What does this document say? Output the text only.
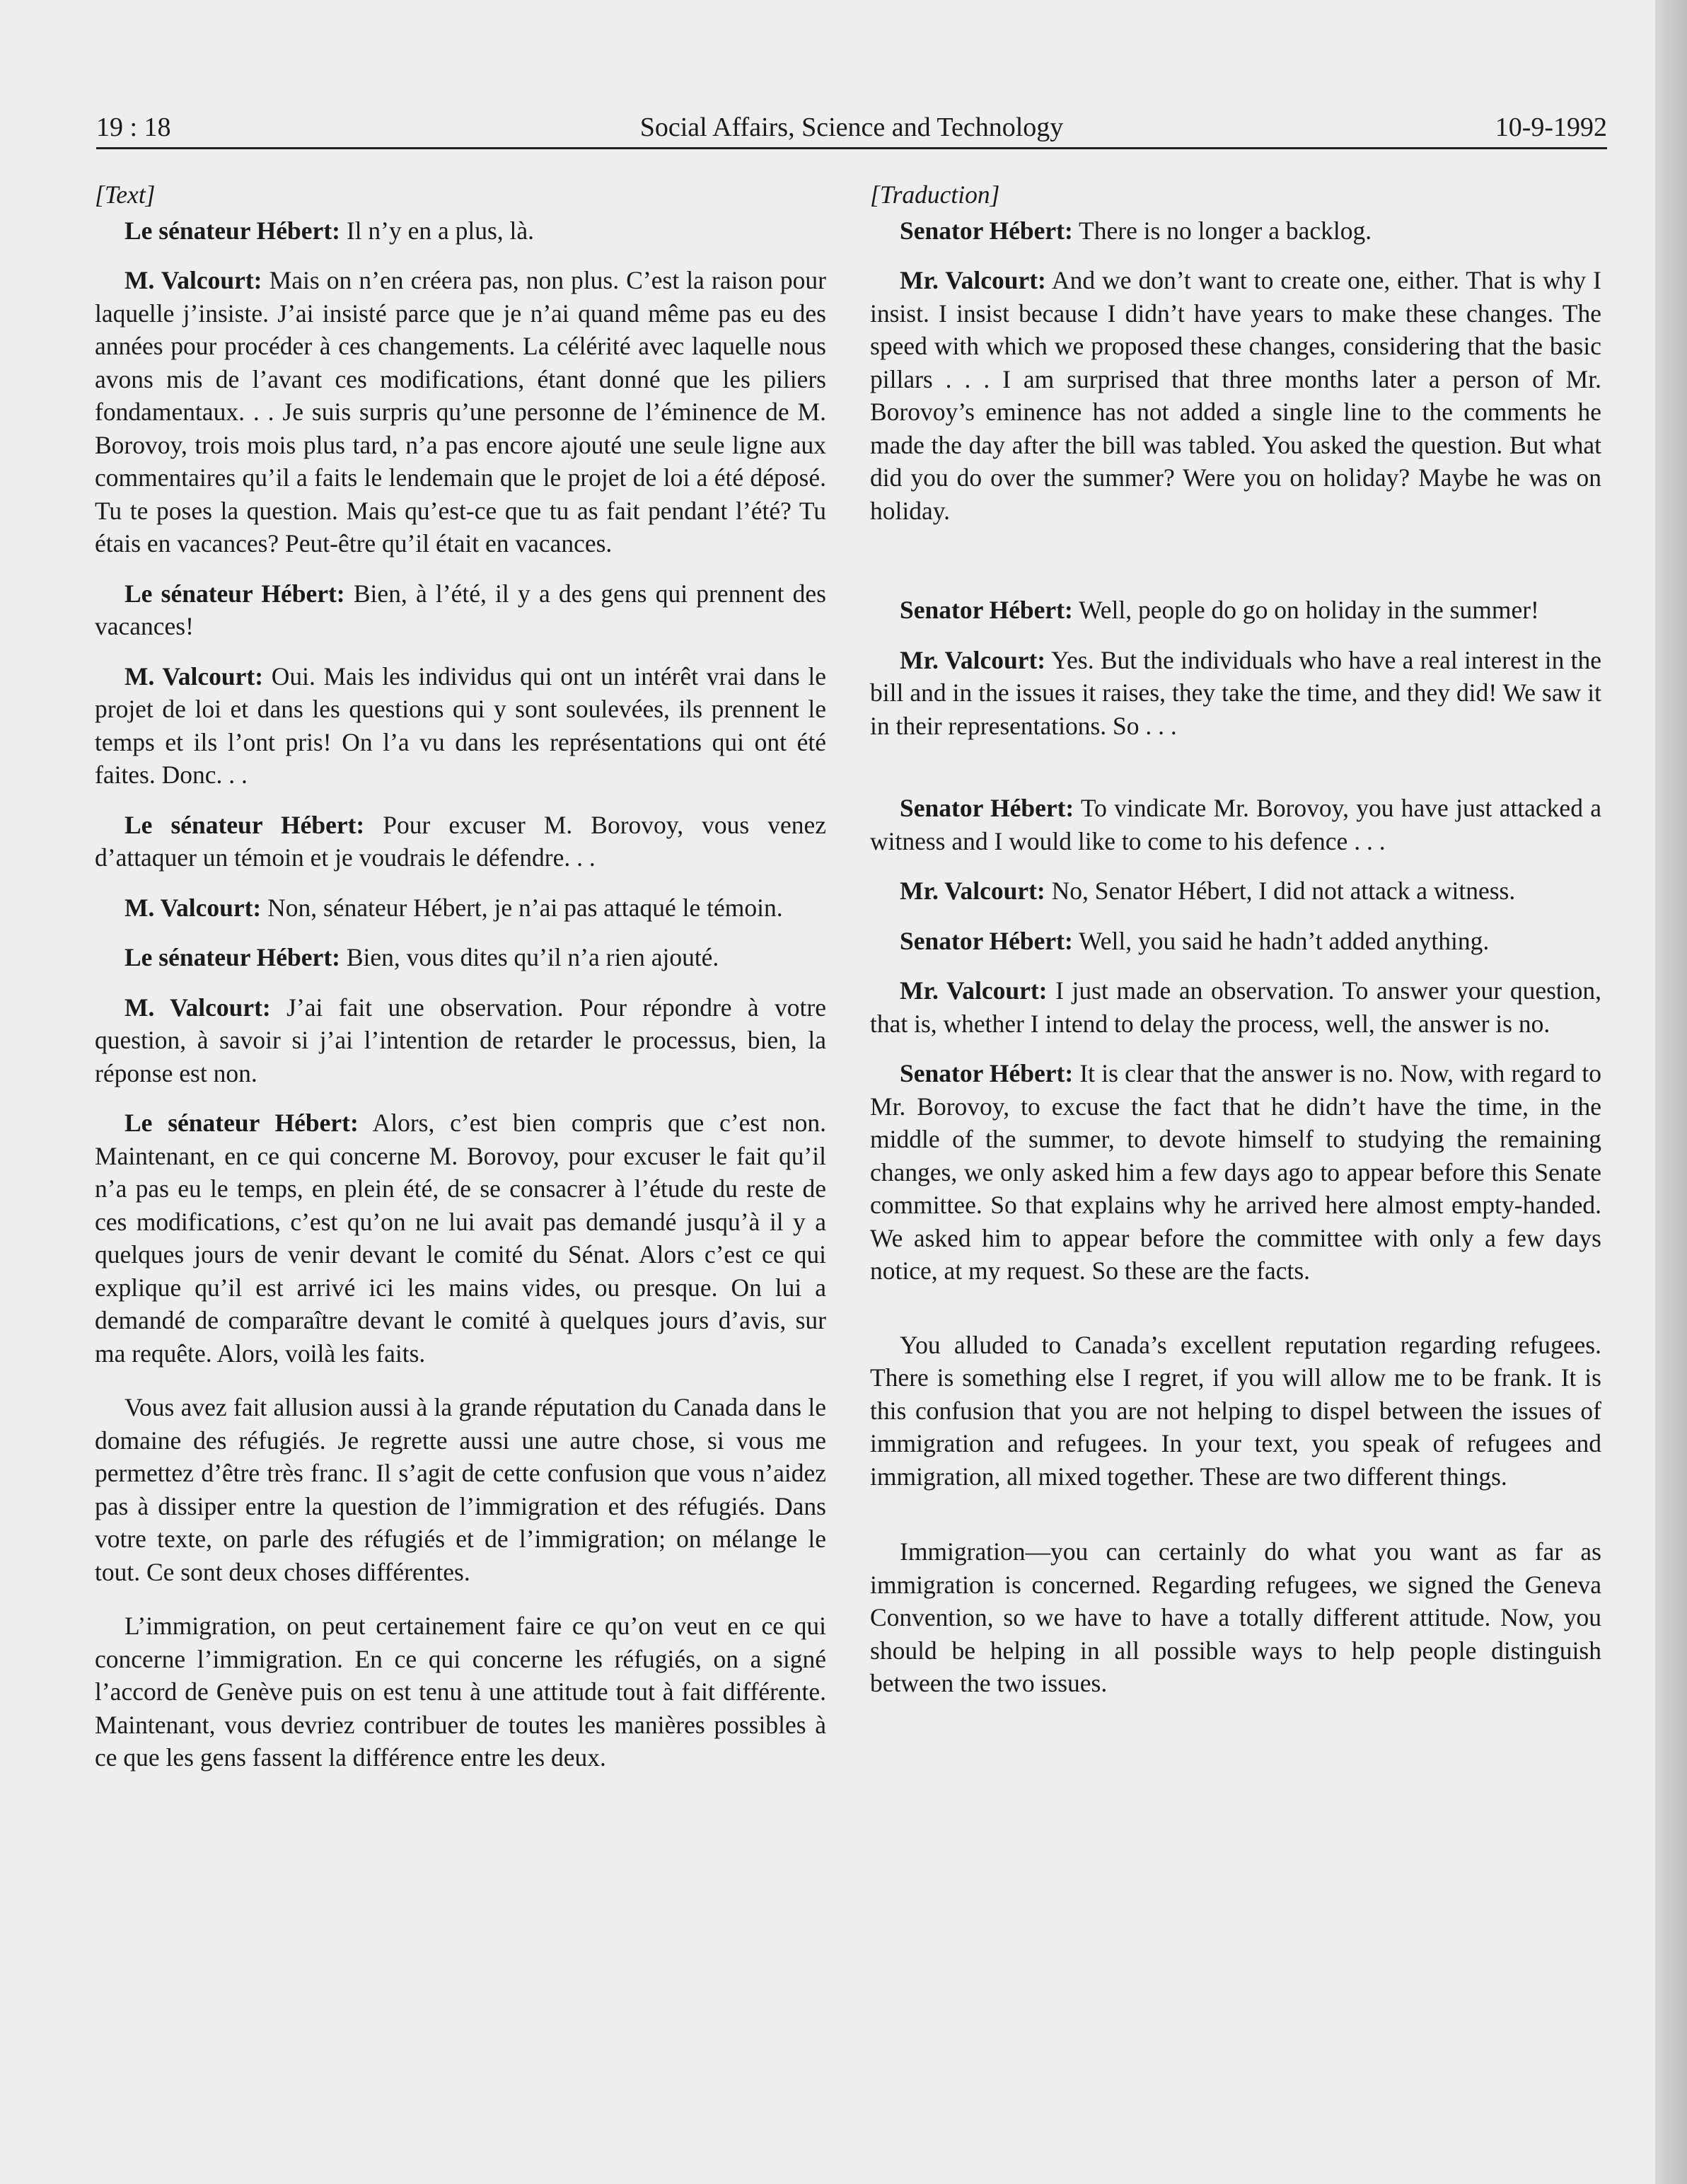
19 : 18	Social Affairs, Science and Technology	10-9-1992
[Text]
Le sénateur Hébert: Il n’y en a plus, là.
M. Valcourt: Mais on n’en créera pas, non plus. C’est la raison pour laquelle j’insiste. J’ai insisté parce que je n’ai quand même pas eu des années pour procéder à ces changements. La célérité avec laquelle nous avons mis de l’avant ces modifications, étant donné que les piliers fondamentaux. . . Je suis surpris qu’une personne de l’éminence de M. Borovoy, trois mois plus tard, n’a pas encore ajouté une seule ligne aux commentaires qu’il a faits le lendemain que le projet de loi a été déposé. Tu te poses la question. Mais qu’est-ce que tu as fait pendant l’été? Tu étais en vacances? Peut-être qu’il était en vacances.
Le sénateur Hébert: Bien, à l’été, il y a des gens qui prennent des vacances!
M. Valcourt: Oui. Mais les individus qui ont un intérêt vrai dans le projet de loi et dans les questions qui y sont soulevées, ils prennent le temps et ils l’ont pris! On l’a vu dans les représentations qui ont été faites. Donc. . .
Le sénateur Hébert: Pour excuser M. Borovoy, vous venez d’attaquer un témoin et je voudrais le défendre. . .
M. Valcourt: Non, sénateur Hébert, je n’ai pas attaqué le témoin.
Le sénateur Hébert: Bien, vous dites qu’il n’a rien ajouté.
M. Valcourt: J’ai fait une observation. Pour répondre à votre question, à savoir si j’ai l’intention de retarder le processus, bien, la réponse est non.
Le sénateur Hébert: Alors, c’est bien compris que c’est non. Maintenant, en ce qui concerne M. Borovoy, pour excuser le fait qu’il n’a pas eu le temps, en plein été, de se consacrer à l’étude du reste de ces modifications, c’est qu’on ne lui avait pas demandé jusqu’à il y a quelques jours de venir devant le comité du Sénat. Alors c’est ce qui explique qu’il est arrivé ici les mains vides, ou presque. On lui a demandé de comparaître devant le comité à quelques jours d’avis, sur ma requête. Alors, voilà les faits.
Vous avez fait allusion aussi à la grande réputation du Canada dans le domaine des réfugiés. Je regrette aussi une autre chose, si vous me permettez d’être très franc. Il s’agit de cette confusion que vous n’aidez pas à dissiper entre la question de l’immigration et des réfugiés. Dans votre texte, on parle des réfugiés et de l’immigration; on mélange le tout. Ce sont deux choses différentes.
L’immigration, on peut certainement faire ce qu’on veut en ce qui concerne l’immigration. En ce qui concerne les réfugiés, on a signé l’accord de Genève puis on est tenu à une attitude tout à fait différente. Maintenant, vous devriez contribuer de toutes les manières possibles à ce que les gens fassent la différence entre les deux.
[Traduction]
Senator Hébert: There is no longer a backlog.
Mr. Valcourt: And we don’t want to create one, either. That is why I insist. I insist because I didn’t have years to make these changes. The speed with which we proposed these changes, considering that the basic pillars . . . I am surprised that three months later a person of Mr. Borovoy’s eminence has not added a single line to the comments he made the day after the bill was tabled. You asked the question. But what did you do over the summer? Were you on holiday? Maybe he was on holiday.
Senator Hébert: Well, people do go on holiday in the summer!
Mr. Valcourt: Yes. But the individuals who have a real interest in the bill and in the issues it raises, they take the time, and they did! We saw it in their representations. So . . .
Senator Hébert: To vindicate Mr. Borovoy, you have just attacked a witness and I would like to come to his defence . . .
Mr. Valcourt: No, Senator Hébert, I did not attack a witness.
Senator Hébert: Well, you said he hadn’t added anything.
Mr. Valcourt: I just made an observation. To answer your question, that is, whether I intend to delay the process, well, the answer is no.
Senator Hébert: It is clear that the answer is no. Now, with regard to Mr. Borovoy, to excuse the fact that he didn’t have the time, in the middle of the summer, to devote himself to studying the remaining changes, we only asked him a few days ago to appear before this Senate committee. So that explains why he arrived here almost empty-handed. We asked him to appear before the committee with only a few days notice, at my request. So these are the facts.
You alluded to Canada’s excellent reputation regarding refugees. There is something else I regret, if you will allow me to be frank. It is this confusion that you are not helping to dispel between the issues of immigration and refugees. In your text, you speak of refugees and immigration, all mixed together. These are two different things.
Immigration—you can certainly do what you want as far as immigration is concerned. Regarding refugees, we signed the Geneva Convention, so we have to have a totally different attitude. Now, you should be helping in all possible ways to help people distinguish between the two issues.
